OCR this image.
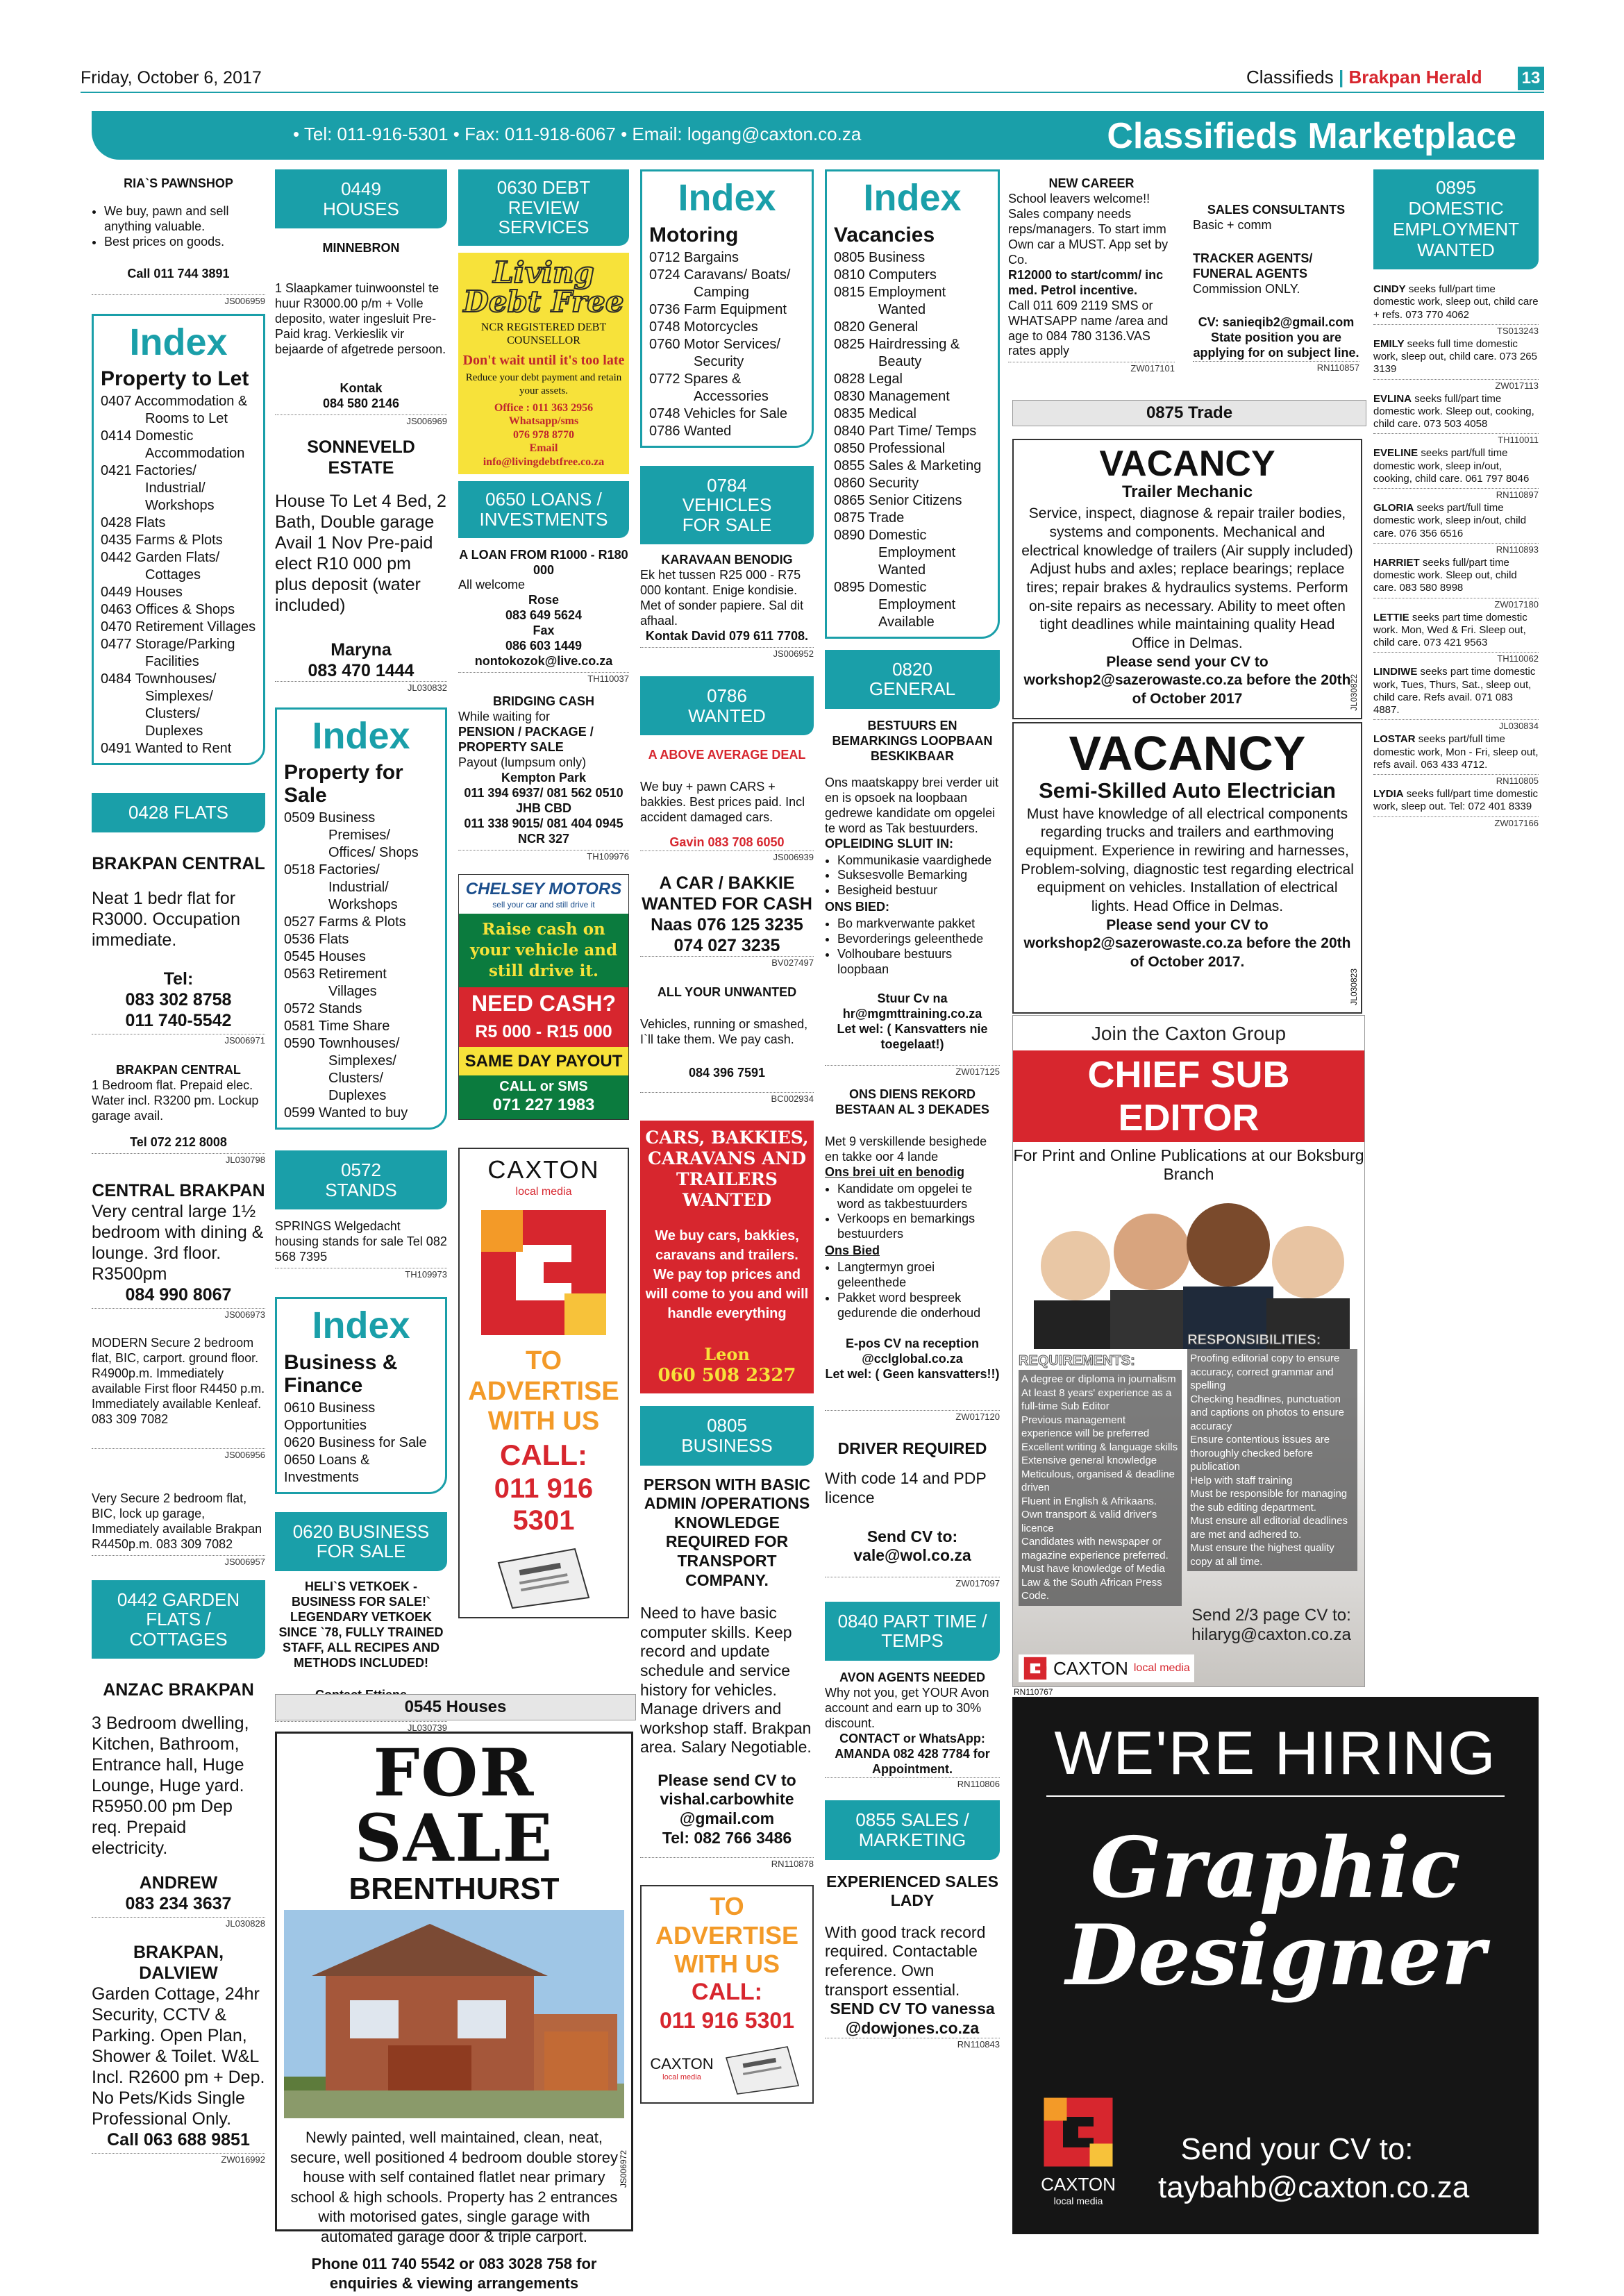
Friday, October 6, 2017	Classifieds | Brakpan Herald 13
• Tel: 011-916-5301 • Fax: 011-918-6067 • Email: logang@caxton.co.za	Classifieds Marketplace

RIA`S PAWNSHOP

• We buy, pawn and sell anything valuable.
• Best prices on goods.

Call 011 744 3891

JS006959
Index
Property to Let
0407 Accommodation & Rooms to Let
0414 Domestic Accommodation
0421 Factories/ Industrial/ Workshops
0428 Flats
0435 Farms & Plots
0442 Garden Flats/ Cottages
0449 Houses
0463 Offices & Shops
0470 Retirement Villages
0477 Storage/Parking Facilities
0484 Townhouses/ Simplexes/ Clusters/ Duplexes
0491 Wanted to Rent
0428 FLATS

BRAKPAN CENTRAL

Neat 1 bedr flat for R3000. Occupation immediate.

Tel:

083 302 8758

011 740-5542

JS006971

BRAKPAN CENTRAL

1 Bedroom flat. Prepaid elec. Water incl. R3200 pm. Lockup garage avail.

Tel 072 212 8008

JL030798

CENTRAL BRAKPAN

Very central large 1½ bedroom with dining & lounge. 3rd floor. R3500pm

084 990 8067

JS006973

MODERN Secure 2 bedroom flat, BIC, carport. ground floor. R4900p.m. Immediately available First floor R4450 p.m. Immediately available Kenleaf. 083 309 7082

JS006956

Very Secure 2 bedroom flat, BIC, lock up garage, Immediately available Brakpan R4450p.m. 083 309 7082

JS006957
0442 GARDEN FLATS / COTTAGES

ANZAC BRAKPAN

3 Bedroom dwelling, Kitchen, Bathroom, Entrance hall, Huge Lounge, Huge yard. R5950.00 pm Dep req. Prepaid electricity.

ANDREW

083 234 3637

JL030828

BRAKPAN, DALVIEW

Garden Cottage, 24hr Security, CCTV & Parking. Open Plan, Shower & Toilet. W&L Incl. R2600 pm + Dep. No Pets/Kids Single Professional Only.

Call 063 688 9851

ZW016992
0449 HOUSES

MINNEBRON

1 Slaapkamer tuinwoonstel te huur R3000.00 p/m + Volle deposito, water ingesluit Pre-Paid krag. Verkieslik vir bejaarde of afgetrede persoon.

Kontak

084 580 2146

JS006969

SONNEVELD ESTATE

House To Let 4 Bed, 2 Bath, Double garage Avail 1 Nov Pre-paid elect R10 000 pm plus deposit (water included)

Maryna

083 470 1444

JL030832
Index
Property for Sale
0509 Business Premises/ Offices/ Shops
0518 Factories/ Industrial/ Workshops
0527 Farms & Plots
0536 Flats
0545 Houses
0563 Retirement Villages
0572 Stands
0581 Time Share
0590 Townhouses/ Simplexes/ Clusters/ Duplexes
0599 Wanted to buy
0572 STANDS

SPRINGS Welgedacht housing stands for sale Tel 082 568 7395

TH109973
Index
Business & Finance
0610 Business Opportunities
0620 Business for Sale
0650 Loans & Investments
0620 BUSINESS FOR SALE

HELI`S VETKOEK - BUSINESS FOR SALE!` LEGENDARY VETKOEK SINCE `78, FULLY TRAINED STAFF, ALL RECIPES AND METHODS INCLUDED!

JL030739
0545 Houses
FOR SALE
BRENTHURST
Newly painted, well maintained, clean, neat, secure, well positioned 4 bedroom double storey house with self contained flatlet near primary school & high schools. Property has 2 entrances with motorised gates, single garage with automated garage door & triple carport.
Phone 011 740 5542 or 083 3028 758 for enquiries & viewing arrangements
JS006972
0630 DEBT REVIEW SERVICES
Living
Debt Free
NCR REGISTERED DEBT COUNSELLOR
Don't wait until it's too late
Reduce your debt payment and retain your assets.
Office : 011 363 2956
Whatsapp/sms
076 978 8770
Email
info@livingdebtfree.co.za
0650 LOANS / INVESTMENTS

A LOAN FROM R1000 - R180 000

All welcome

Rose

083 649 5624

Fax

086 603 1449

nontokozok@live.co.za

TH110037

BRIDGING CASH

While waiting for

PENSION / PACKAGE / PROPERTY SALE

Payout (lumpsum only)

Kempton Park

011 394 6937/ 081 562 0510

JHB CBD

011 338 9015/ 081 404 0945

NCR 327

TH109976
CHELSEY MOTORS
sell your car and still drive it
Raise cash on your vehicle and still drive it.
NEED CASH?
R5 000 - R15 000
SAME DAY PAYOUT
CALL or SMS
071 227 1983
CAXTON
local media
TO ADVERTISE WITH US
CALL:
011 916 5301
Index
Motoring
0712 Bargains
0724 Caravans/ Boats/ Camping
0736 Farm Equipment
0748 Motorcycles
0760 Motor Services/ Security
0772 Spares & Accessories
0748 Vehicles for Sale
0786 Wanted
0784 VEHICLES FOR SALE

KARAVAAN BENODIG

Ek het tussen R25 000 - R75 000 kontant. Enige kondisie. Met of sonder papiere. Sal dit afhaal.

Kontak David 079 611 7708.

JS006952
0786 WANTED

A ABOVE AVERAGE DEAL

We buy + pawn CARS + bakkies. Best prices paid. Incl accident damaged cars.

Gavin 083 708 6050

JS006939

A CAR / BAKKIE WANTED FOR CASH

Naas 076 125 3235 074 027 3235

BV027497

ALL YOUR UNWANTED

Vehicles, running or smashed, I`ll take them. We pay cash.

084 396 7591

BC002934
CARS, BAKKIES, CARAVANS AND TRAILERS WANTED
We buy cars, bakkies, caravans and trailers. We pay top prices and will come to you and will handle everything
Leon
060 508 2327
0805 BUSINESS

PERSON WITH BASIC ADMIN /OPERATIONS KNOWLEDGE REQUIRED FOR TRANSPORT COMPANY.

Need to have basic computer skills. Keep record and update schedule and service history for vehicles. Manage drivers and workshop staff. Brakpan area. Salary Negotiable.

Please send CV to vishal.carbowhite @gmail.com

Tel: 082 766 3486

RN110878
TO ADVERTISE WITH US
CALL:
011 916 5301
CAXTON
local media
Index
Vacancies
0805 Business
0810 Computers
0815 Employment Wanted
0820 General
0825 Hairdressing & Beauty
0828 Legal
0830 Management
0835 Medical
0840 Part Time/ Temps
0850 Professional
0855 Sales & Marketing
0860 Security
0865 Senior Citizens
0875 Trade
0890 Domestic Employment Wanted
0895 Domestic Employment Available
0820 GENERAL

BESTUURS EN BEMARKINGS LOOPBAAN BESKIKBAAR

Ons maatskappy brei verder uit en is opsoek na loopbaan gedrewe kandidate om opgelei te word as Tak bestuurders.

OPLEIDING SLUIT IN:

• Kommunikasie vaardighede
• Suksesvolle Bemarking
• Besigheid bestuur

ONS BIED:

• Bo markverwante pakket
• Bevorderings geleenthede
• Volhoubare bestuurs loopbaan

Stuur Cv na hr@mgmttraining.co.za

Let wel: ( Kansvatters nie toegelaat!)

ZW017125

ONS DIENS REKORD BESTAAN AL 3 DEKADES

Met 9 verskillende besighede en takke oor 4 lande

Ons brei uit en benodig

• Kandidate om opgelei te word as takbestuurders
• Verkoops en bemarkings bestuurders

Ons Bied

• Langtermyn groei geleenthede
• Pakket word bespreek gedurende die onderhoud

E-pos CV na reception @cclglobal.co.za

Let wel: ( Geen kansvatters!!)

ZW017120

DRIVER REQUIRED

With code 14 and PDP licence

Send CV to: vale@wol.co.za

ZW017097
0840 PART TIME / TEMPS

AVON AGENTS NEEDED

Why not you, get YOUR Avon account and earn up to 30% discount.

CONTACT or WhatsApp: AMANDA 082 428 7784 for Appointment.

RN110806
0855 SALES / MARKETING

EXPERIENCED SALES LADY

With good track record required. Contactable reference. Own transport essential.

SEND CV TO vanessa @dowjones.co.za

RN110843

NEW CAREER

School leavers welcome!! Sales company needs reps/managers. To start imm Own car a MUST. App set by Co.

R12000 to start/comm/ inc med. Petrol incentive.

Call 011 609 2119 SMS or WHATSAPP name /area and age to 084 780 3136.VAS rates apply

ZW017101

SALES CONSULTANTS

Basic + comm

TRACKER AGENTS/ FUNERAL AGENTS

Commission ONLY.

CV: sanieqib2@gmail.com State position you are applying for on subject line.

RN110857
0875 Trade
VACANCY
Trailer Mechanic
Service, inspect, diagnose & repair trailer bodies, systems and components. Mechanical and electrical knowledge of trailers (Air supply included) Adjust hubs and axles; replace bearings; replace tires; repair brakes & hydraulics systems. Perform on-site repairs as necessary. Ability to meet often tight deadlines while maintaining quality Head Office in Delmas.
Please send your CV to workshop2@sazerowaste.co.za before the 20th of October 2017	JL030822
VACANCY
Semi-Skilled Auto Electrician
Must have knowledge of all electrical components regarding trucks and trailers and earthmoving equipment. Experience in rewiring and harnesses, Problem-solving, diagnostic test regarding electrical equipment on vehicles. Installation of electrical lights. Head Office in Delmas.
Please send your CV to workshop2@sazerowaste.co.za before the 20th of October 2017.
JL030823
Join the Caxton Group
CHIEF SUB EDITOR
For Print and Online Publications at our Boksburg Branch
REQUIREMENTS:
A degree or diploma in journalism
At least 8 years' experience as a full-time Sub Editor
Previous management experience will be preferred
Excellent writing & language skills
Extensive general knowledge
Meticulous, organised & deadline driven
Fluent in English & Afrikaans.
Own transport & valid driver's licence
Candidates with newspaper or magazine experience preferred.
Must have knowledge of Media Law & the South African Press Code.
RESPONSIBILITIES:
Proofing editorial copy to ensure accuracy, correct grammar and spelling
Checking headlines, punctuation and captions on photos to ensure accuracy
Ensure contentious issues are thoroughly checked before publication
Help with staff training
Must be responsible for managing the sub editing department.
Must ensure all editorial deadlines are met and adhered to.
Must ensure the highest quality copy at all time.
Send 2/3 page CV to: hilaryg@caxton.co.za
CAXTON local media
RN110767
WE'RE HIRING
Graphic Designer
CAXTON
local media
Send your CV to: taybahb@caxton.co.za
0895 DOMESTIC EMPLOYMENT WANTED
CINDY seeks full/part time domestic work, sleep out, child care + refs. 073 770 4062
TS013243
EMILY seeks full time domestic work, sleep out, child care. 073 265 3139
ZW017113
EVLINA seeks full/part time domestic work. Sleep out, cooking, child care. 073 503 4058
TH110011
EVELINE seeks part/full time domestic work, sleep in/out, cooking, child care. 061 797 8046
RN110897
GLORIA seeks part/full time domestic work, sleep in/out, child care. 076 356 6516
RN110893
HARRIET seeks full/part time domestic work. Sleep out, child care. 083 580 8998
ZW017180
LETTIE seeks part time domestic work. Mon, Wed & Fri. Sleep out, child care. 073 421 9563
TH110062
LINDIWE seeks part time domestic work, Tues, Thurs, Sat., sleep out, child care. Refs avail. 071 083 4887.
JL030834
LOSTAR seeks part/full time domestic work, Mon - Fri, sleep out, refs avail. 063 433 4712.
RN110805
LYDIA seeks full/part time domestic work, sleep out. Tel: 072 401 8339
ZW017166
